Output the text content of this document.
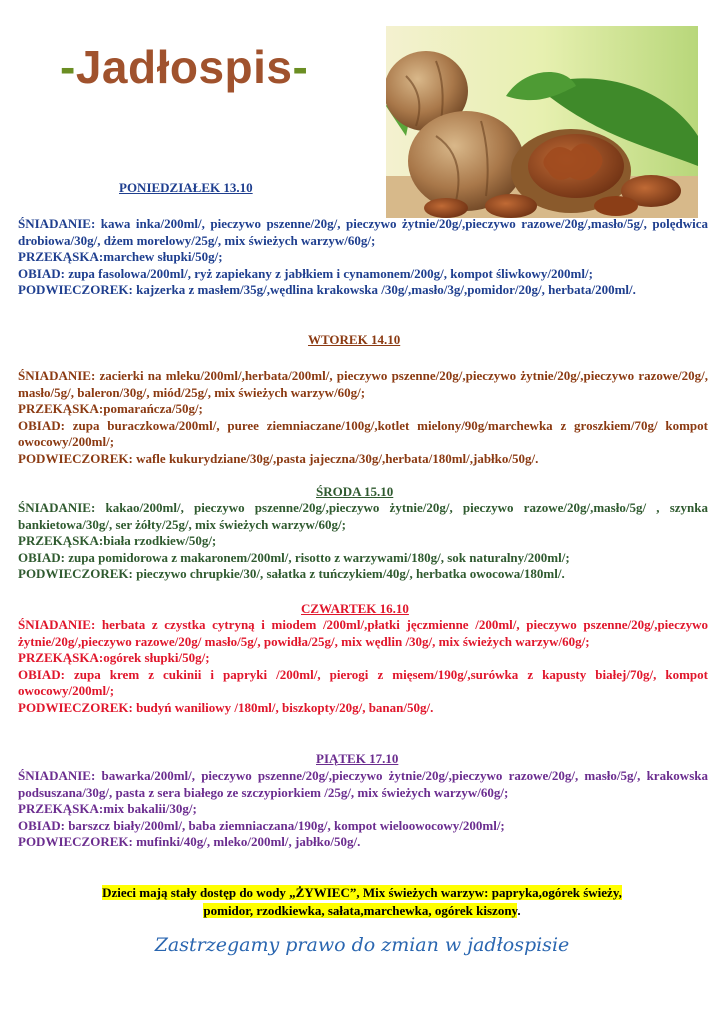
-Jadłospis-
PONIEDZIAŁEK 13.10

ŚNIADANIE: kawa inka/200ml/, pieczywo pszenne/20g/, pieczywo żytnie/20g/,pieczywo razowe/20g/,masło/5g/, polędwica drobiowa/30g/, dżem morelowy/25g/, mix świeżych warzyw/60g/;

PRZEKĄSKA:marchew słupki/50g/;

OBIAD: zupa fasolowa/200ml/, ryż zapiekany z jabłkiem i cynamonem/200g/, kompot śliwkowy/200ml/;

PODWIECZOREK: kajzerka z masłem/35g/,wędlina krakowska /30g/,masło/3g/,pomidor/20g/, herbata/200ml/.

WTOREK 14.10

ŚNIADANIE: zacierki na mleku/200ml/,herbata/200ml/, pieczywo pszenne/20g/,pieczywo żytnie/20g/,pieczywo razowe/20g/, masło/5g/, baleron/30g/, miód/25g/, mix świeżych warzyw/60g/;

PRZEKĄSKA:pomarańcza/50g/;

OBIAD: zupa buraczkowa/200ml/, puree ziemniaczane/100g/,kotlet mielony/90g/marchewka z groszkiem/70g/ kompot owocowy/200ml/;

PODWIECZOREK: wafle kukurydziane/30g/,pasta jajeczna/30g/,herbata/180ml/,jabłko/50g/.

ŚRODA 15.10

ŚNIADANIE: kakao/200ml/, pieczywo pszenne/20g/,pieczywo żytnie/20g/, pieczywo razowe/20g/,masło/5g/ , szynka bankietowa/30g/, ser żółty/25g/, mix świeżych warzyw/60g/;

PRZEKĄSKA:biała rzodkiew/50g/;

OBIAD: zupa pomidorowa z makaronem/200ml/, risotto z warzywami/180g/, sok naturalny/200ml/;

PODWIECZOREK: pieczywo chrupkie/30/, sałatka z tuńczykiem/40g/, herbatka owocowa/180ml/.

CZWARTEK 16.10

ŚNIADANIE: herbata z czystka cytryną i miodem /200ml/,płatki jęczmienne /200ml/, pieczywo pszenne/20g/,pieczywo żytnie/20g/,pieczywo razowe/20g/ masło/5g/, powidła/25g/, mix wędlin /30g/, mix świeżych warzyw/60g/;

PRZEKĄSKA:ogórek słupki/50g/;

OBIAD: zupa krem z cukinii i papryki /200ml/, pierogi z mięsem/190g/,surówka z kapusty białej/70g/, kompot owocowy/200ml/;

PODWIECZOREK: budyń waniliowy /180ml/, biszkopty/20g/, banan/50g/.

PIĄTEK 17.10

ŚNIADANIE: bawarka/200ml/, pieczywo pszenne/20g/,pieczywo żytnie/20g/,pieczywo razowe/20g/, masło/5g/, krakowska podsuszana/30g/, pasta z sera białego ze szczypiorkiem /25g/, mix świeżych warzyw/60g/;

PRZEKĄSKA:mix bakalii/30g/;

OBIAD: barszcz biały/200ml/, baba ziemniaczana/190g/, kompot wieloowocowy/200ml/;

PODWIECZOREK: mufinki/40g/, mleko/200ml/, jabłko/50g/.

Dzieci mają stały dostęp do wody „ŻYWIEC”, Mix świeżych warzyw: papryka,ogórek świeży,
pomidor, rzodkiewka, sałata,marchewka, ogórek kiszony.
Zastrzegamy prawo do zmian w jadłospisie
